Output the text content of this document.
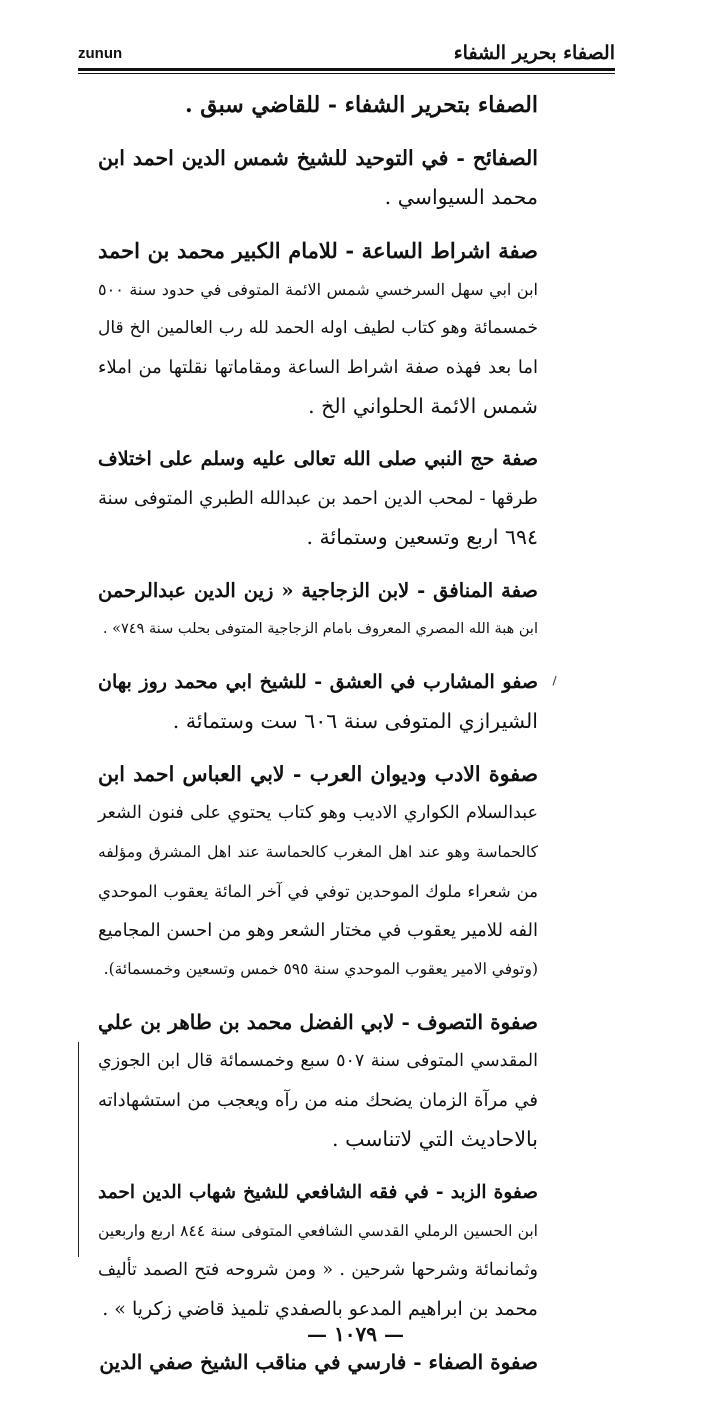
zunun	الصفاء بحرير الشفاء
الصفاء بتحرير الشفاء - للقاضي سبق .
الصفائح - في التوحيد للشيخ شمس الدين احمد ابن
محمد السيواسي .
صفة اشراط الساعة - للامام الكبير محمد بن احمد
ابن ابي سهل السرخسي شمس الائمة المتوفى في حدود سنة ٥٠٠
خمسمائة وهو كتاب لطيف اوله الحمد لله رب العالمين الخ قال
اما بعد فهذه صفة اشراط الساعة ومقاماتها نقلتها من املاء
شمس الائمة الحلواني الخ .
صفة حج النبي صلى الله تعالى عليه وسلم على اختلاف
طرقها - لمحب الدين احمد بن عبدالله الطبري المتوفى سنة
٦٩٤ اربع وتسعين وستمائة .
صفة المنافق - لابن الزجاجية « زين الدين عبدالرحمن
ابن هبة الله المصري المعروف بامام الزجاجية المتوفى بحلب سنة ٧٤٩» .
صفو المشارب في العشق - للشيخ ابي محمد روز بهان
الشيرازي المتوفى سنة ٦٠٦ ست وستمائة .
صفوة الادب وديوان العرب - لابي العباس احمد ابن
عبدالسلام الكواري الاديب وهو كتاب يحتوي على فنون الشعر
كالحماسة وهو عند اهل المغرب كالحماسة عند اهل المشرق ومؤلفه
من شعراء ملوك الموحدين توفي في آخر المائة يعقوب الموحدي
الفه للامير يعقوب في مختار الشعر وهو من احسن المجاميع
(وتوفي الامير يعقوب الموحدي سنة ٥٩٥ خمس وتسعين وخمسمائة).
صفوة التصوف - لابي الفضل محمد بن طاهر بن علي
المقدسي المتوفى سنة ٥٠٧ سبع وخمسمائة قال ابن الجوزي
في مرآة الزمان يضحك منه من رآه ويعجب من استشهاداته
بالاحاديث التي لاتناسب .
صفوة الزبد - في فقه الشافعي للشيخ شهاب الدين احمد
ابن الحسين الرملي القدسي الشافعي المتوفى سنة ٨٤٤ اربع واربعين
وثمانمائة وشرحها شرحين . « ومن شروحه فتح الصمد تأليف
محمد بن ابراهيم المدعو بالصفدي تلميذ قاضي زكريا » .
صفوة الصفاء - فارسي في مناقب الشيخ صفي الدين
— ١٠٧٩ —
